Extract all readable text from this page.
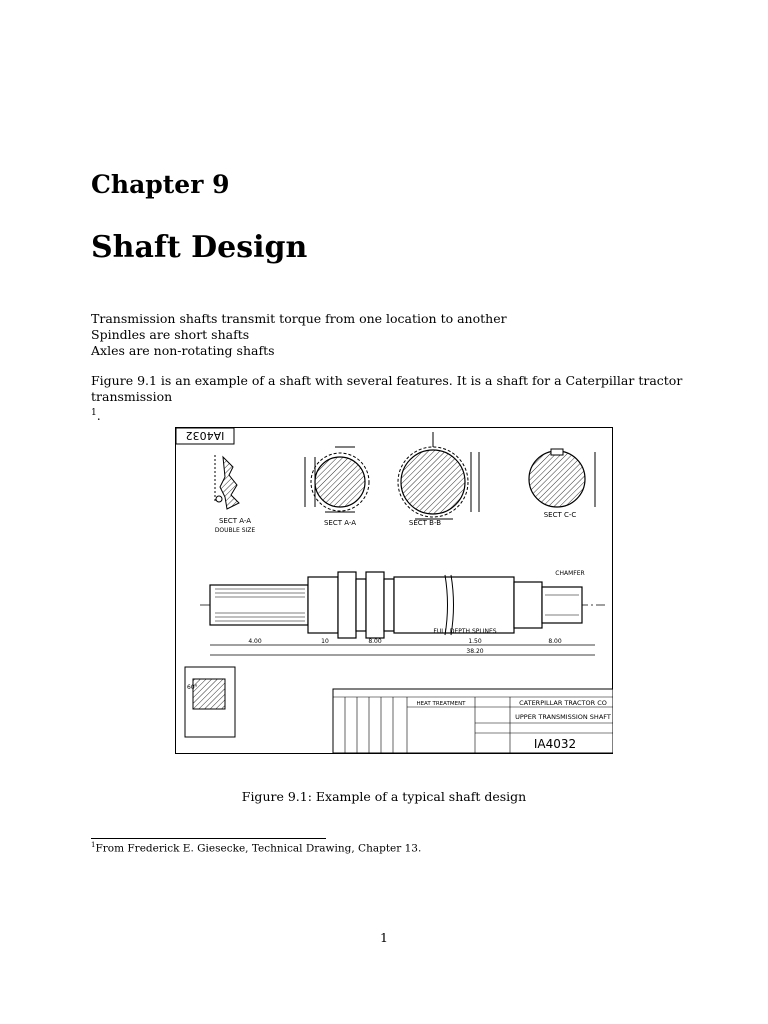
Chapter 9
Shaft Design
Transmission shafts transmit torque from one location to another
Spindles are short shafts
Axles are non-rotating shafts
Figure 9.1 is an example of a shaft with several features. It is a shaft for a Caterpillar tractor transmission
$^1$.
IA4032
SECT A-A
DOUBLE SIZE
SECT A-A	SECT B-B
SECT C-C
FULL DEPTH SPLINES
CHAMFER
4.00	10	8.00	1.50	8.00
38.20
60°
HEAT TREATMENT	CATERPILLAR TRACTOR CO
UPPER TRANSMISSION SHAFT
IA4032
Figure 9.1: Example of a typical shaft design
$^1$From Frederick E. Giesecke, Technical Drawing, Chapter 13.
1
